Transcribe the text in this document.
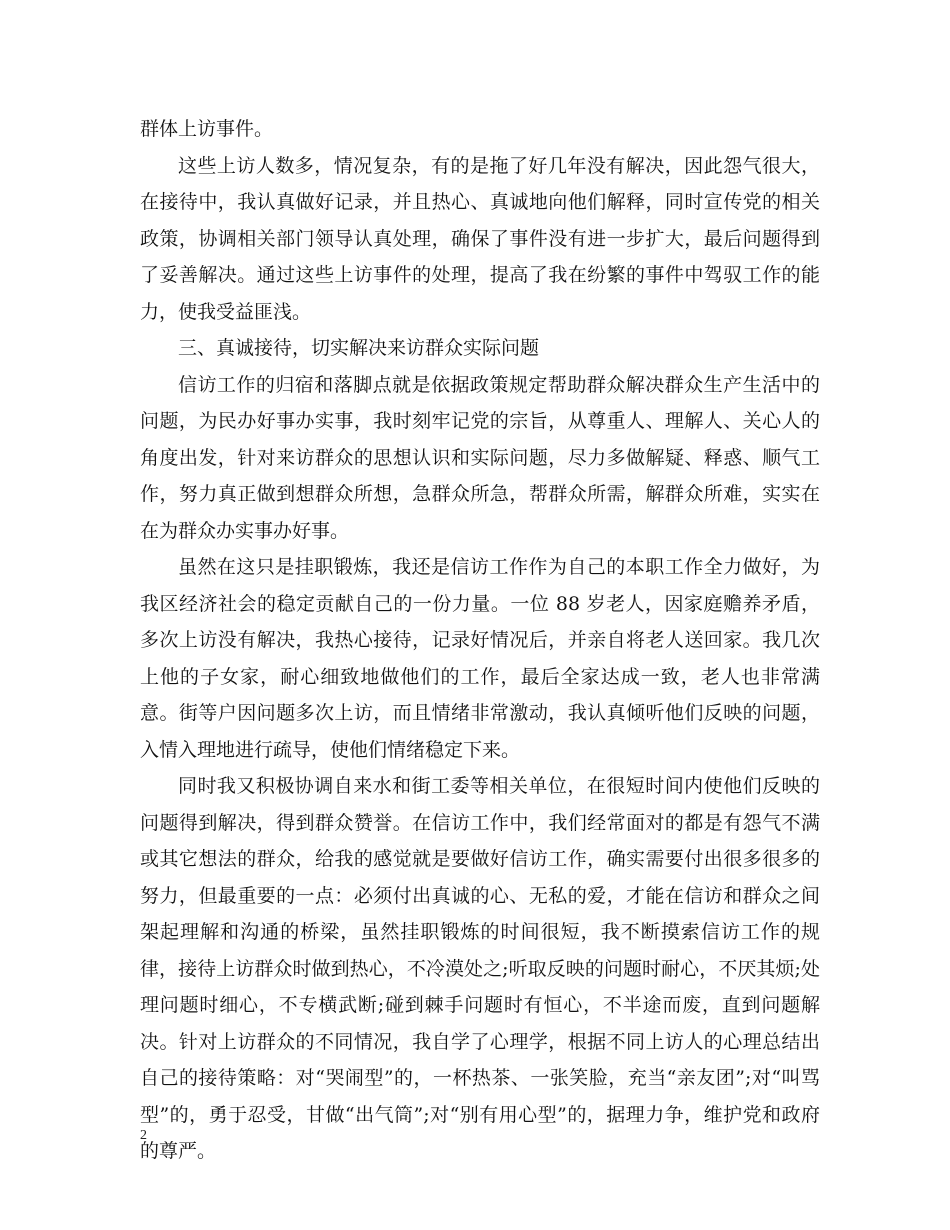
群体上访事件。

这些上访人数多，情况复杂，有的是拖了好几年没有解决，因此怨气很大，在接待中，我认真做好记录，并且热心、真诚地向他们解释，同时宣传党的相关政策，协调相关部门领导认真处理，确保了事件没有进一步扩大，最后问题得到了妥善解决。通过这些上访事件的处理，提高了我在纷繁的事件中驾驭工作的能力，使我受益匪浅。

三、真诚接待，切实解决来访群众实际问题

信访工作的归宿和落脚点就是依据政策规定帮助群众解决群众生产生活中的问题，为民办好事办实事，我时刻牢记党的宗旨，从尊重人、理解人、关心人的角度出发，针对来访群众的思想认识和实际问题，尽力多做解疑、释惑、顺气工作，努力真正做到想群众所想，急群众所急，帮群众所需，解群众所难，实实在在为群众办实事办好事。

虽然在这只是挂职锻炼，我还是信访工作作为自己的本职工作全力做好，为我区经济社会的稳定贡献自己的一份力量。一位 88 岁老人，因家庭赡养矛盾，多次上访没有解决，我热心接待，记录好情况后，并亲自将老人送回家。我几次上他的子女家，耐心细致地做他们的工作，最后全家达成一致，老人也非常满意。街等户因问题多次上访，而且情绪非常激动，我认真倾听他们反映的问题，入情入理地进行疏导，使他们情绪稳定下来。

同时我又积极协调自来水和街工委等相关单位，在很短时间内使他们反映的问题得到解决，得到群众赞誉。在信访工作中，我们经常面对的都是有怨气不满或其它想法的群众，给我的感觉就是要做好信访工作，确实需要付出很多很多的努力，但最重要的一点：必须付出真诚的心、无私的爱，才能在信访和群众之间架起理解和沟通的桥梁，虽然挂职锻炼的时间很短，我不断摸索信访工作的规律，接待上访群众时做到热心，不冷漠处之;听取反映的问题时耐心，不厌其烦;处理问题时细心，不专横武断;碰到棘手问题时有恒心，不半途而废，直到问题解决。针对上访群众的不同情况，我自学了心理学，根据不同上访人的心理总结出自己的接待策略：对“哭闹型”的，一杯热茶、一张笑脸，充当“亲友团”;对“叫骂型”的，勇于忍受，甘做“出气筒”;对“别有用心型”的，据理力争，维护党和政府的尊严。

2
